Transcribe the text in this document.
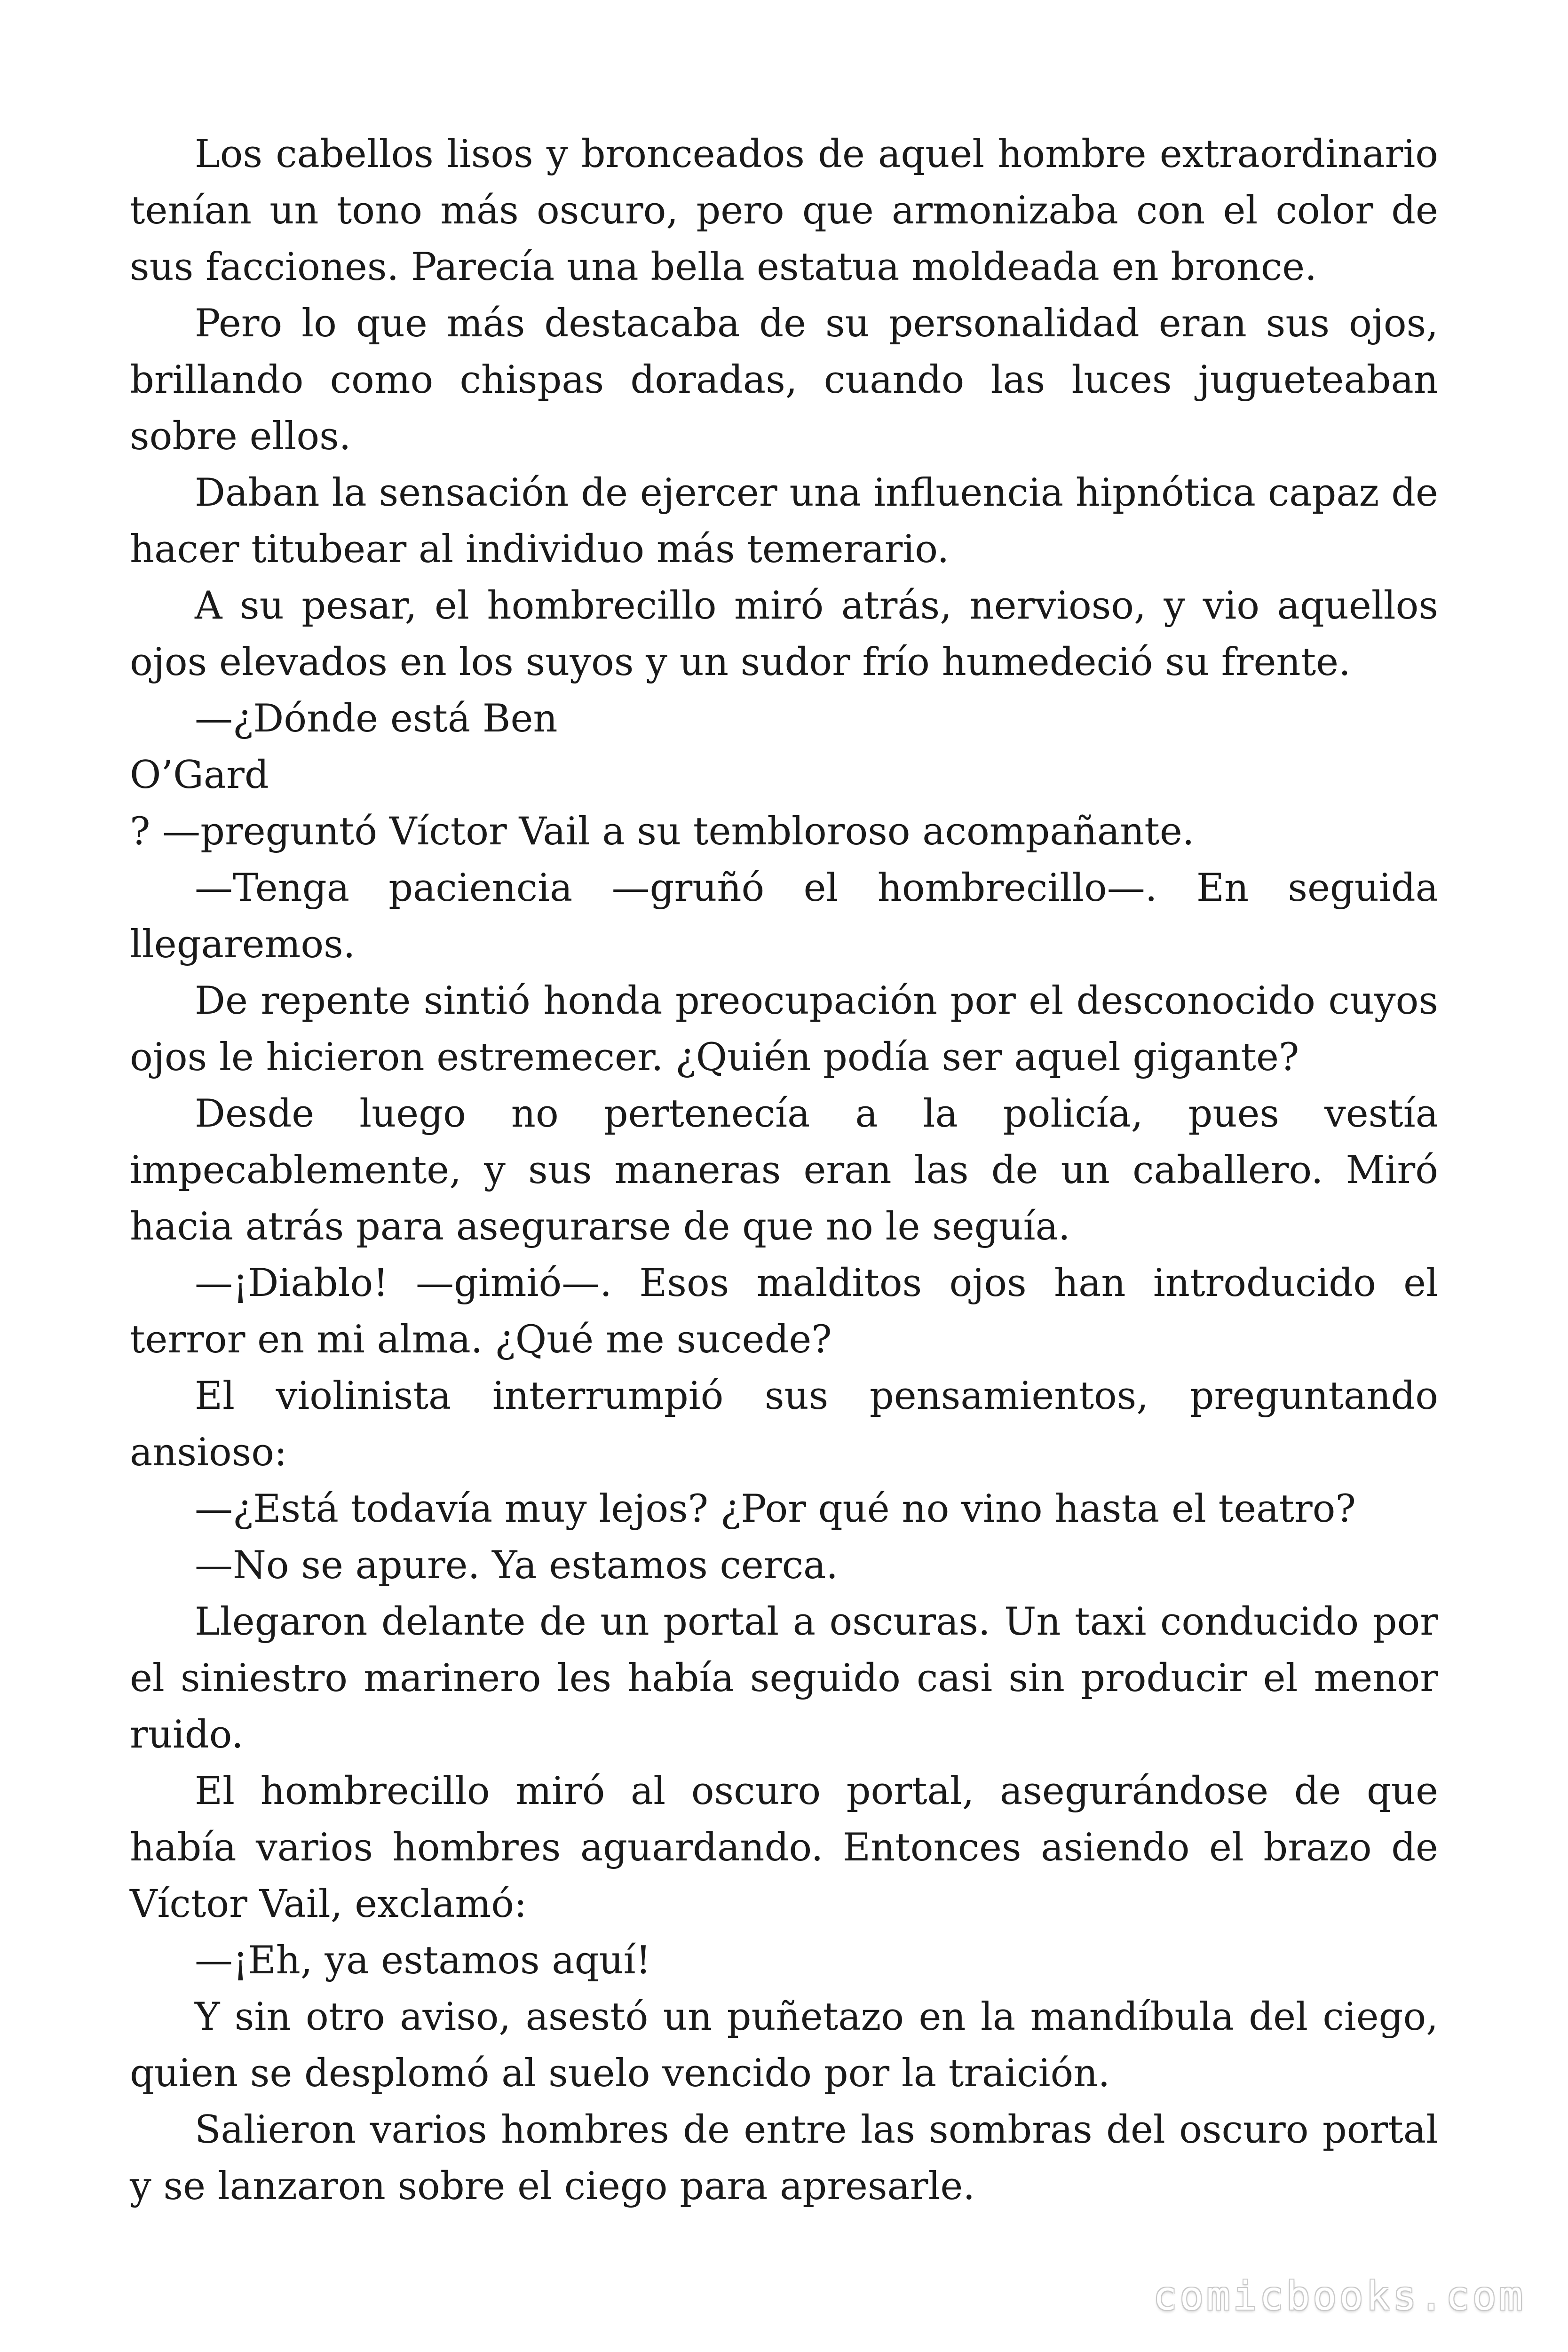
Los cabellos lisos y bronceados de aquel hombre extraordinario tenían un tono más oscuro, pero que armonizaba con el color de sus facciones. Parecía una bella estatua moldeada en bronce.

Pero lo que más destacaba de su personalidad eran sus ojos, brillando como chispas doradas, cuando las luces jugueteaban sobre ellos.

Daban la sensación de ejercer una influencia hipnótica capaz de hacer titubear al individuo más temerario.

A su pesar, el hombrecillo miró atrás, nervioso, y vio aquellos ojos elevados en los suyos y un sudor frío humedeció su frente.

—¿Dónde está Ben

O’Gard

? —preguntó Víctor Vail a su tembloroso acompañante.

—Tenga paciencia —gruñó el hombrecillo—. En seguida llegaremos.

De repente sintió honda preocupación por el desconocido cuyos ojos le hicieron estremecer. ¿Quién podía ser aquel gigante?

Desde luego no pertenecía a la policía, pues vestía impecablemente, y sus maneras eran las de un caballero. Miró hacia atrás para asegurarse de que no le seguía.

—¡Diablo! —gimió—. Esos malditos ojos han introducido el terror en mi alma. ¿Qué me sucede?

El violinista interrumpió sus pensamientos, preguntando ansioso:

—¿Está todavía muy lejos? ¿Por qué no vino hasta el teatro?

—No se apure. Ya estamos cerca.

Llegaron delante de un portal a oscuras. Un taxi conducido por el siniestro marinero les había seguido casi sin producir el menor ruido.

El hombrecillo miró al oscuro portal, asegurándose de que había varios hombres aguardando. Entonces asiendo el brazo de Víctor Vail, exclamó:

—¡Eh, ya estamos aquí!

Y sin otro aviso, asestó un puñetazo en la mandíbula del ciego, quien se desplomó al suelo vencido por la traición.

Salieron varios hombres de entre las sombras del oscuro portal y se lanzaron sobre el ciego para apresarle.

comicbooks.com
